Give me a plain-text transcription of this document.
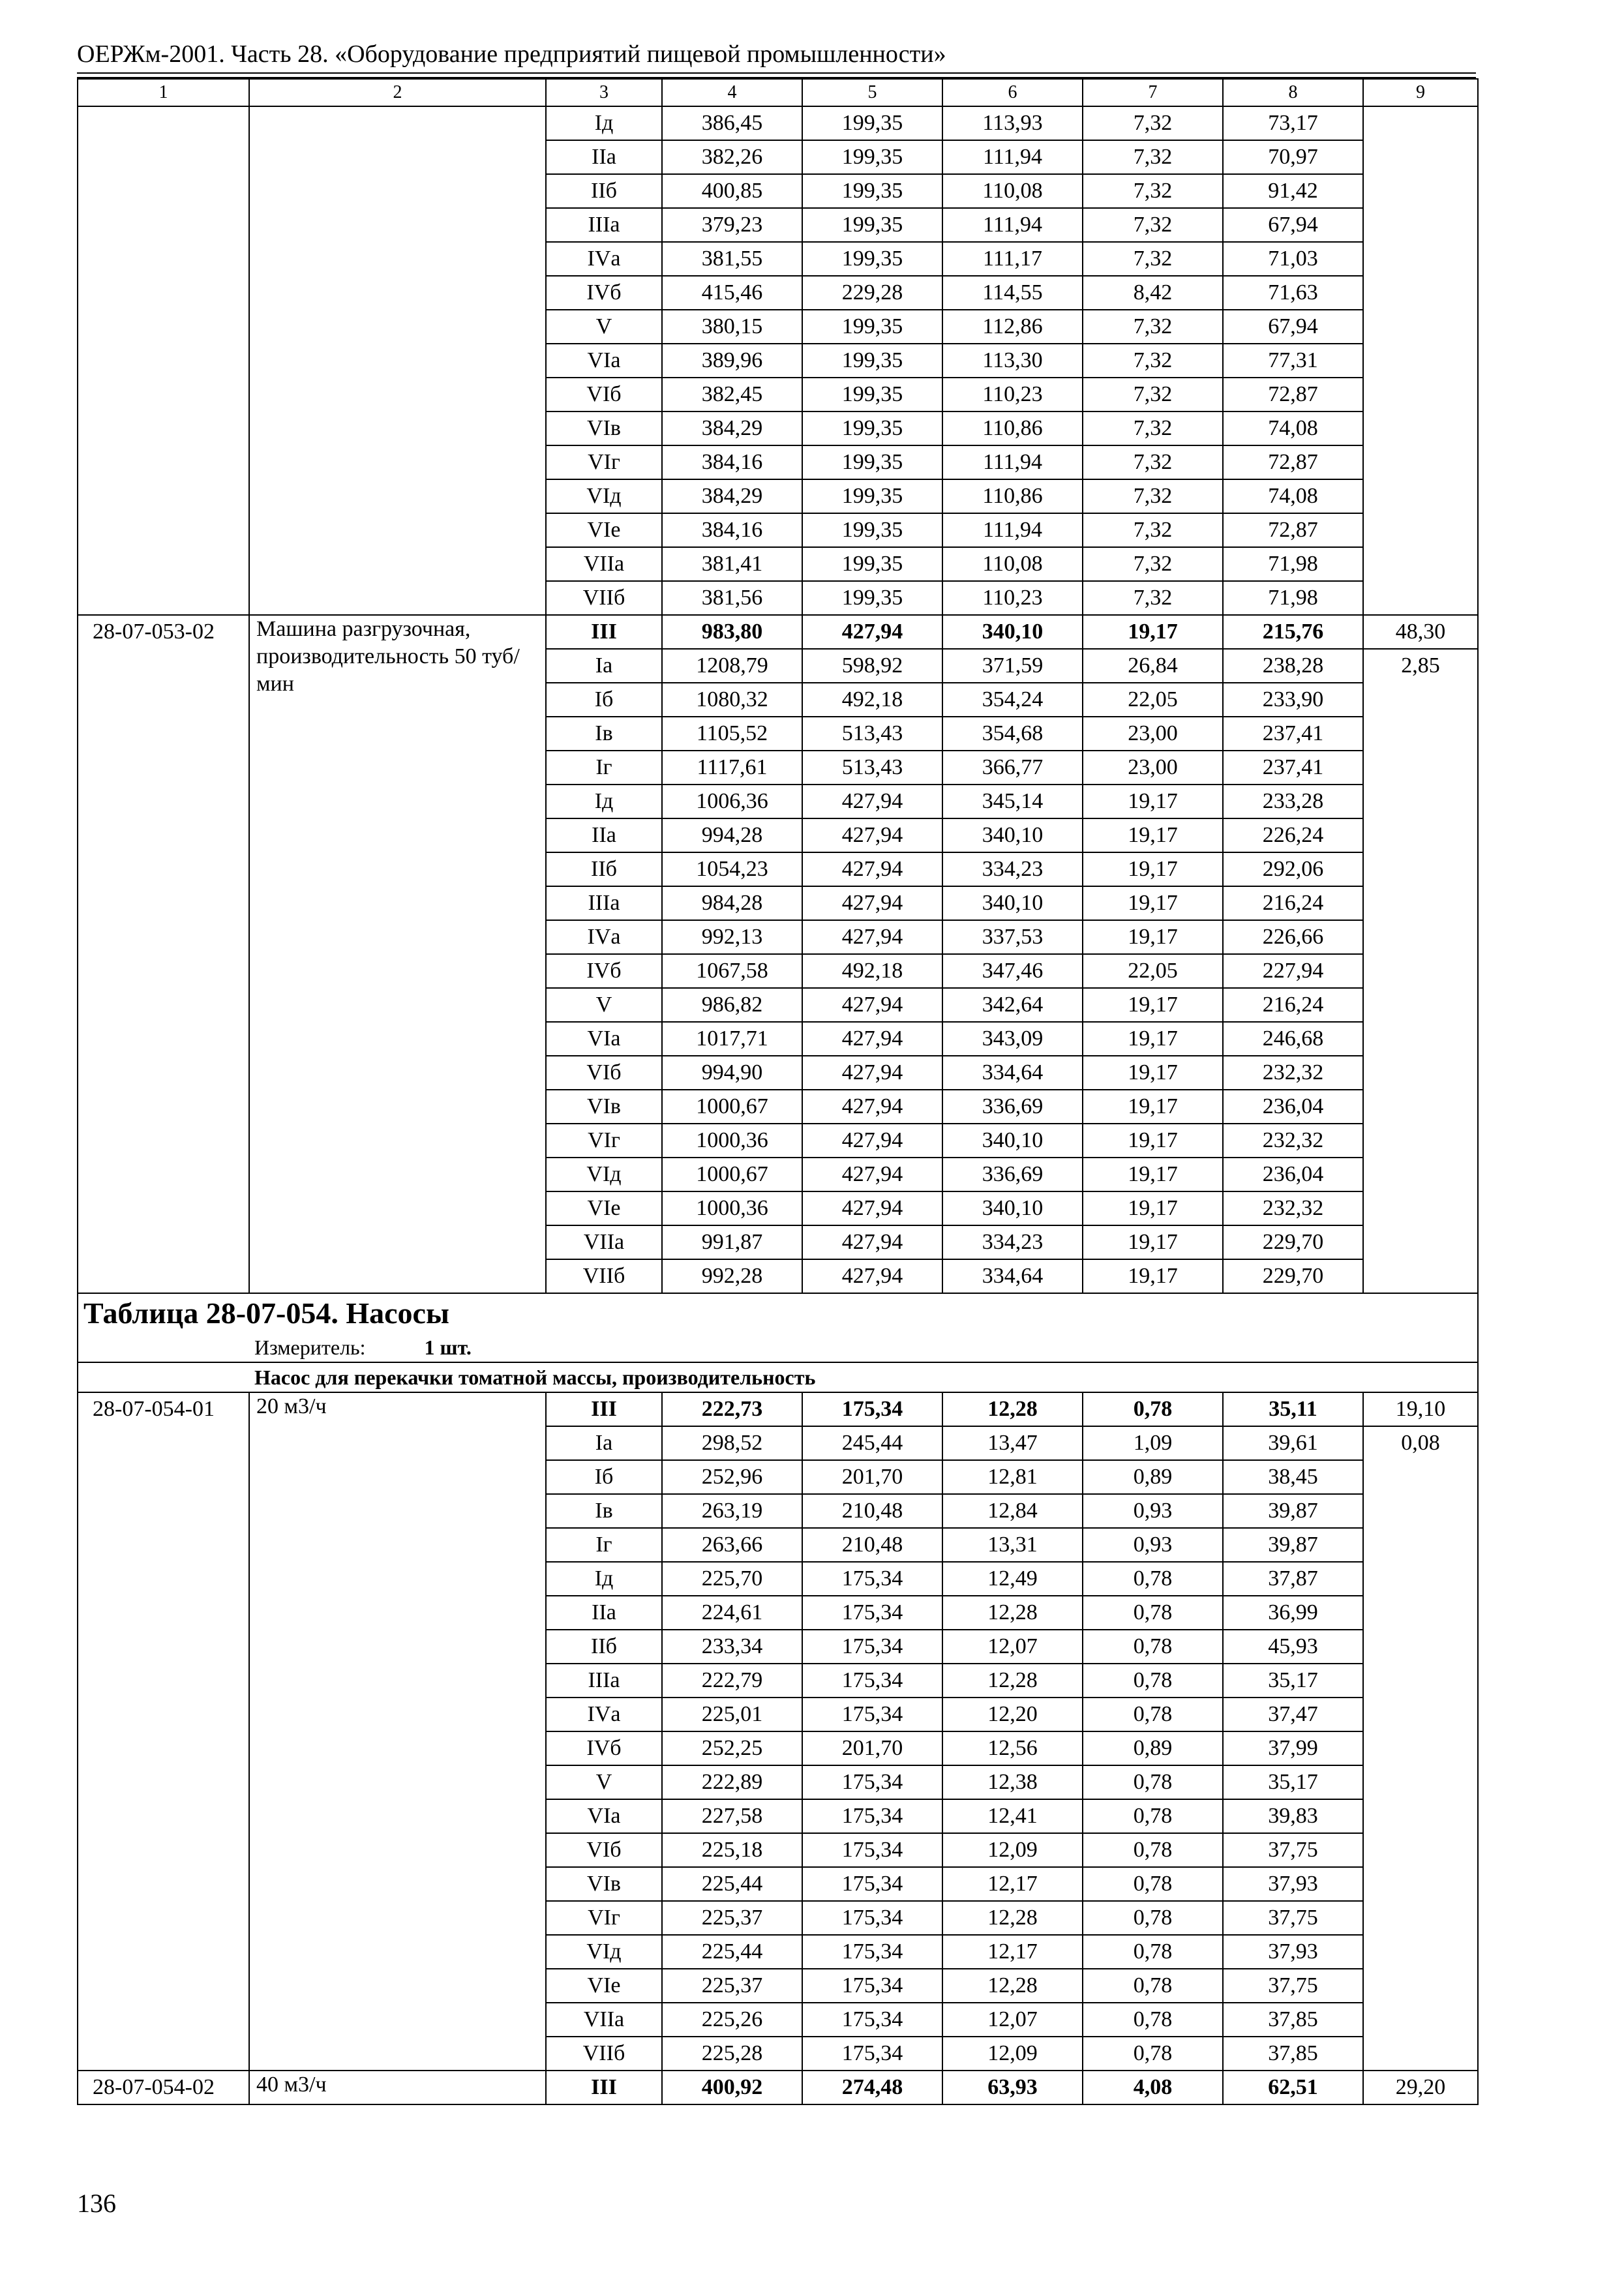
ОЕРЖм-2001. Часть 28. «Оборудование предприятий пищевой промышленности»
1	2	3	4	5	6	7	8	9
		Iд	386,45	199,35	113,93	7,32	73,17	
		IIа	382,26	199,35	111,94	7,32	70,97	
		IIб	400,85	199,35	110,08	7,32	91,42	
		IIIа	379,23	199,35	111,94	7,32	67,94	
		IVа	381,55	199,35	111,17	7,32	71,03	
		IVб	415,46	229,28	114,55	8,42	71,63	
		V	380,15	199,35	112,86	7,32	67,94	
		VIа	389,96	199,35	113,30	7,32	77,31	
		VIб	382,45	199,35	110,23	7,32	72,87	
		VIв	384,29	199,35	110,86	7,32	74,08	
		VIг	384,16	199,35	111,94	7,32	72,87	
		VIд	384,29	199,35	110,86	7,32	74,08	
		VIе	384,16	199,35	111,94	7,32	72,87	
		VIIа	381,41	199,35	110,08	7,32	71,98	
		VIIб	381,56	199,35	110,23	7,32	71,98	
28-07-053-02	Машина разгрузочная, производительность 50 туб/мин	III	983,80	427,94	340,10	19,17	215,76	48,30
		Iа	1208,79	598,92	371,59	26,84	238,28	2,85
		Iб	1080,32	492,18	354,24	22,05	233,90	
		Iв	1105,52	513,43	354,68	23,00	237,41	
		Iг	1117,61	513,43	366,77	23,00	237,41	
		Iд	1006,36	427,94	345,14	19,17	233,28	
		IIа	994,28	427,94	340,10	19,17	226,24	
		IIб	1054,23	427,94	334,23	19,17	292,06	
		IIIа	984,28	427,94	340,10	19,17	216,24	
		IVа	992,13	427,94	337,53	19,17	226,66	
		IVб	1067,58	492,18	347,46	22,05	227,94	
		V	986,82	427,94	342,64	19,17	216,24	
		VIа	1017,71	427,94	343,09	19,17	246,68	
		VIб	994,90	427,94	334,64	19,17	232,32	
		VIв	1000,67	427,94	336,69	19,17	236,04	
		VIг	1000,36	427,94	340,10	19,17	232,32	
		VIд	1000,67	427,94	336,69	19,17	236,04	
		VIе	1000,36	427,94	340,10	19,17	232,32	
		VIIа	991,87	427,94	334,23	19,17	229,70	
		VIIб	992,28	427,94	334,64	19,17	229,70	
Таблица 28-07-054. Насосы								
Измеритель: 1 шт.								
Насос для перекачки томатной массы, производительность								
28-07-054-01	20 м3/ч	III	222,73	175,34	12,28	0,78	35,11	19,10
		Iа	298,52	245,44	13,47	1,09	39,61	0,08
		Iб	252,96	201,70	12,81	0,89	38,45	
		Iв	263,19	210,48	12,84	0,93	39,87	
		Iг	263,66	210,48	13,31	0,93	39,87	
		Iд	225,70	175,34	12,49	0,78	37,87	
		IIа	224,61	175,34	12,28	0,78	36,99	
		IIб	233,34	175,34	12,07	0,78	45,93	
		IIIа	222,79	175,34	12,28	0,78	35,17	
		IVа	225,01	175,34	12,20	0,78	37,47	
		IVб	252,25	201,70	12,56	0,89	37,99	
		V	222,89	175,34	12,38	0,78	35,17	
		VIа	227,58	175,34	12,41	0,78	39,83	
		VIб	225,18	175,34	12,09	0,78	37,75	
		VIв	225,44	175,34	12,17	0,78	37,93	
		VIг	225,37	175,34	12,28	0,78	37,75	
		VIд	225,44	175,34	12,17	0,78	37,93	
		VIе	225,37	175,34	12,28	0,78	37,75	
		VIIа	225,26	175,34	12,07	0,78	37,85	
		VIIб	225,28	175,34	12,09	0,78	37,85	
28-07-054-02	40 м3/ч	III	400,92	274,48	63,93	4,08	62,51	29,20
136
